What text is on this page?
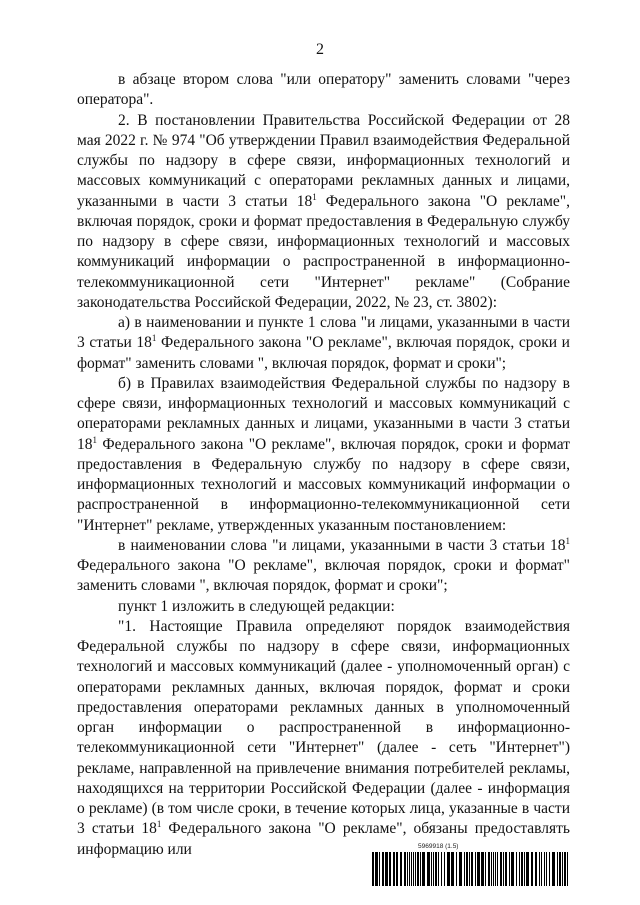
2

в абзаце втором слова "или оператору" заменить словами "через оператора".

2. В постановлении Правительства Российской Федерации от 28 мая 2022 г. № 974 "Об утверждении Правил взаимодействия Федеральной службы по надзору в сфере связи, информационных технологий и массовых коммуникаций с операторами рекламных данных и лицами, указанными в части 3 статьи $18^1$ Федерального закона "О рекламе", включая порядок, сроки и формат предоставления в Федеральную службу по надзору в сфере связи, информационных технологий и массовых коммуникаций информации о распространенной в информационно-телекоммуникационной сети "Интернет" рекламе" (Собрание законодательства Российской Федерации, 2022, № 23, ст. 3802):

а) в наименовании и пункте 1 слова "и лицами, указанными в части 3 статьи $18^1$ Федерального закона "О рекламе", включая порядок, сроки и формат" заменить словами ", включая порядок, формат и сроки";

б) в Правилах взаимодействия Федеральной службы по надзору в сфере связи, информационных технологий и массовых коммуникаций с операторами рекламных данных и лицами, указанными в части 3 статьи $18^1$ Федерального закона "О рекламе", включая порядок, сроки и формат предоставления в Федеральную службу по надзору в сфере связи, информационных технологий и массовых коммуникаций информации о распространенной в информационно-телекоммуникационной сети "Интернет" рекламе, утвержденных указанным постановлением:

в наименовании слова "и лицами, указанными в части 3 статьи $18^1$ Федерального закона "О рекламе", включая порядок, сроки и формат" заменить словами ", включая порядок, формат и сроки";

пункт 1 изложить в следующей редакции:

"1. Настоящие Правила определяют порядок взаимодействия Федеральной службы по надзору в сфере связи, информационных технологий и массовых коммуникаций (далее - уполномоченный орган) с операторами рекламных данных, включая порядок, формат и сроки предоставления операторами рекламных данных в уполномоченный орган информации о распространенной в информационно-телекоммуникационной сети "Интернет" (далее - сеть "Интернет") рекламе, направленной на привлечение внимания потребителей рекламы, находящихся на территории Российской Федерации (далее - информация о рекламе) (в том числе сроки, в течение которых лица, указанные в части 3 статьи $18^1$ Федерального закона "О рекламе", обязаны предоставлять информацию или	5969918 (1.5)
